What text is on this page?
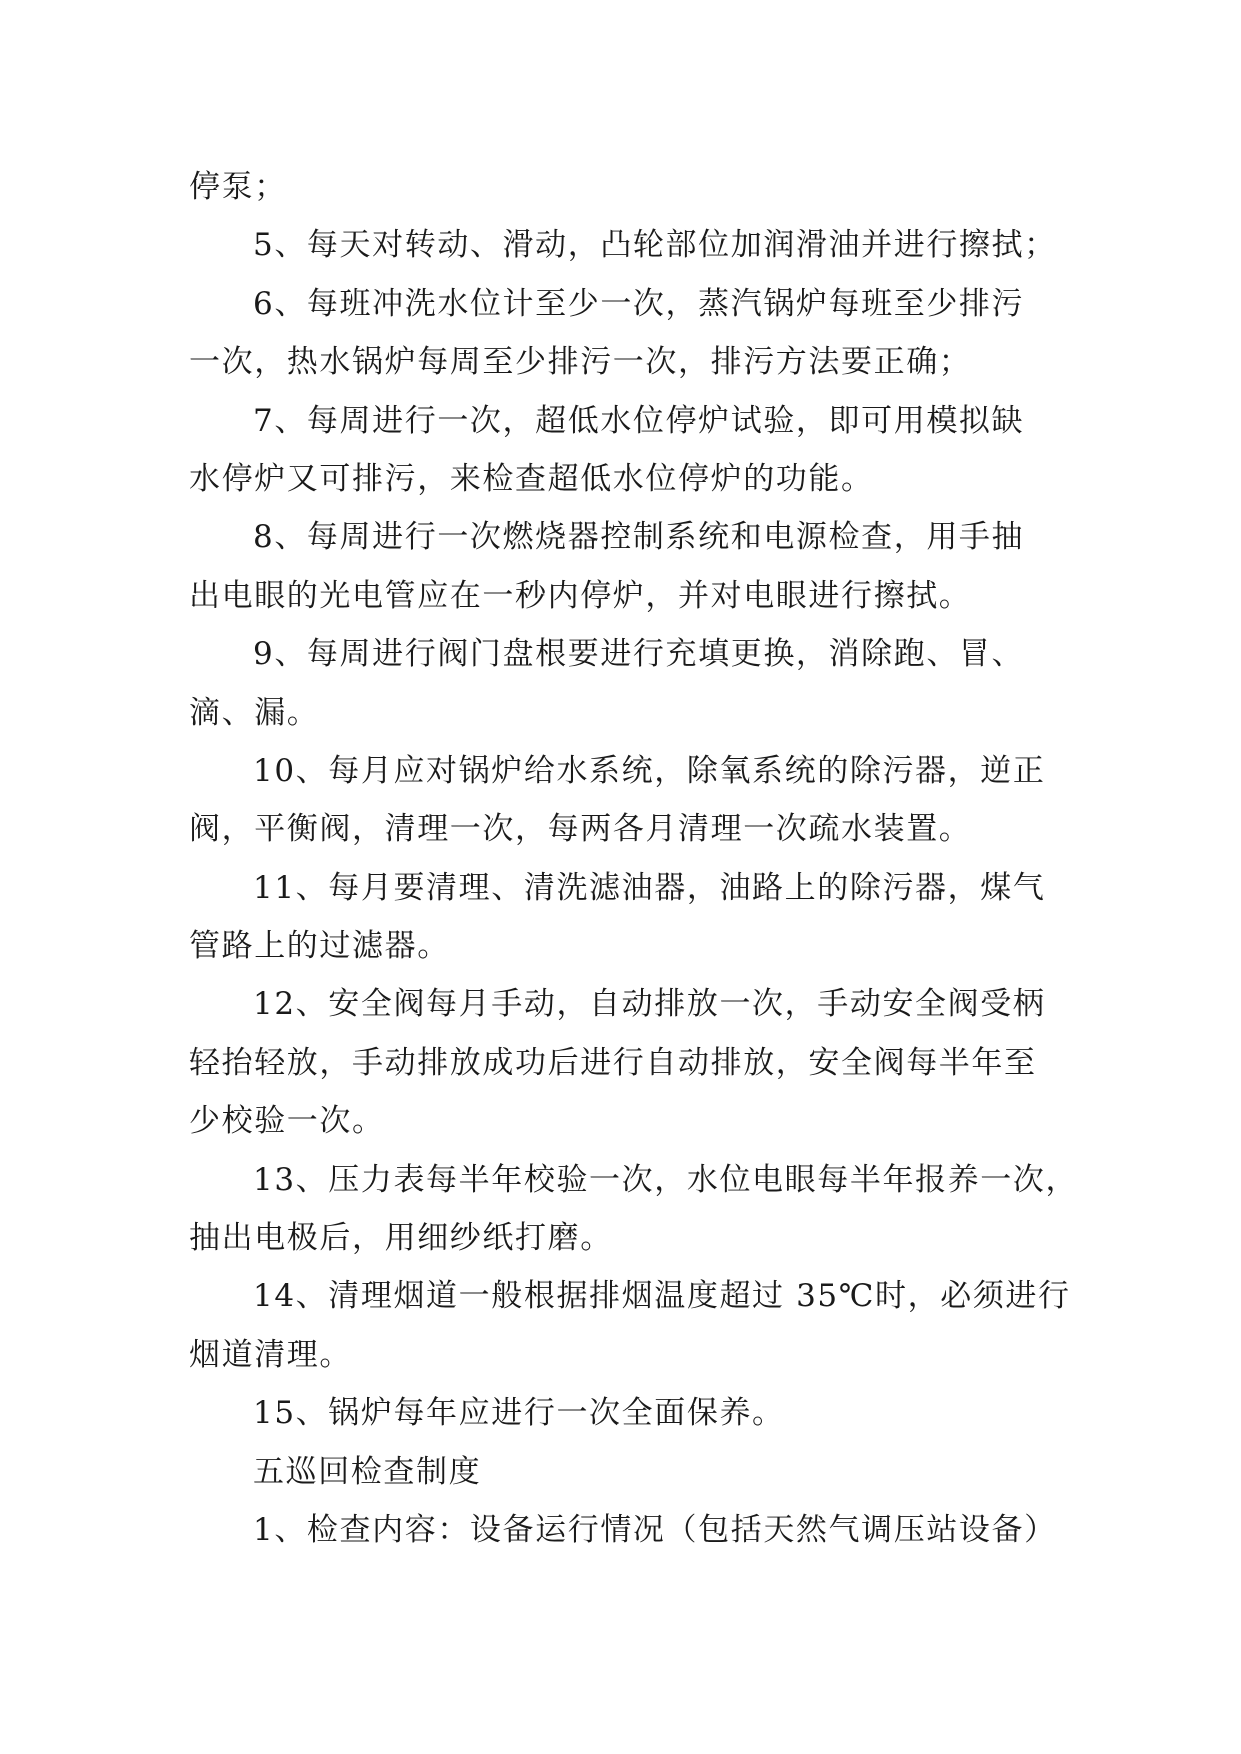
停泵；
5、每天对转动、滑动，凸轮部位加润滑油并进行擦拭；
6、每班冲洗水位计至少一次，蒸汽锅炉每班至少排污
一次，热水锅炉每周至少排污一次，排污方法要正确；
7、每周进行一次，超低水位停炉试验，即可用模拟缺
水停炉又可排污，来检查超低水位停炉的功能。
8、每周进行一次燃烧器控制系统和电源检查，用手抽
出电眼的光电管应在一秒内停炉，并对电眼进行擦拭。
9、每周进行阀门盘根要进行充填更换，消除跑、冒、
滴、漏。
10、每月应对锅炉给水系统，除氧系统的除污器，逆正
阀，平衡阀，清理一次，每两各月清理一次疏水装置。
11、每月要清理、清洗滤油器，油路上的除污器，煤气
管路上的过滤器。
12、安全阀每月手动，自动排放一次，手动安全阀受柄
轻抬轻放，手动排放成功后进行自动排放，安全阀每半年至
少校验一次。
13、压力表每半年校验一次，水位电眼每半年报养一次，
抽出电极后，用细纱纸打磨。
14、清理烟道一般根据排烟温度超过 35℃时，必须进行
烟道清理。
15、锅炉每年应进行一次全面保养。
五巡回检查制度
1、检查内容：设备运行情况（包括天然气调压站设备）
